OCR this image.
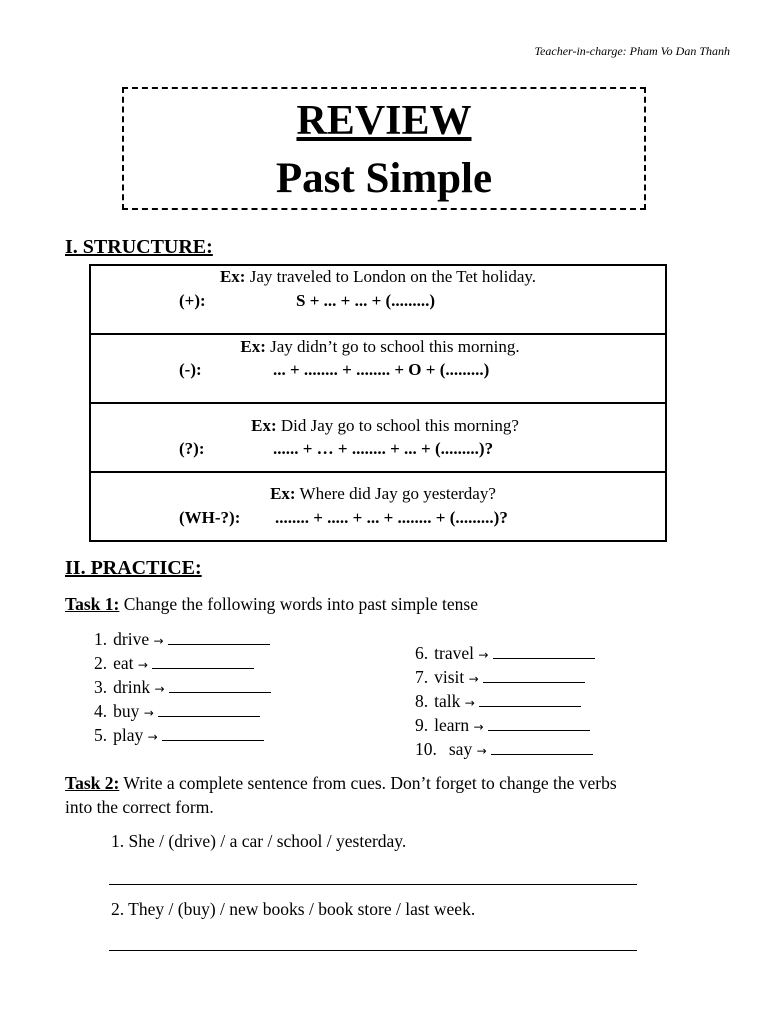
Teacher-in-charge: Pham Vo Dan Thanh
REVIEW
Past Simple
I. STRUCTURE:
Ex: Jay traveled to London on the Tet holiday.
(+):	S + ... + ... + (.........)
Ex: Jay didn’t go to school this morning.
(-):	... + ........ + ........ + O + (.........)
Ex: Did Jay go to school this morning?
(?):	...... + … + ........ + ... + (.........)?
Ex: Where did Jay go yesterday?
(WH-?): ........ + ..... + ... + ........ + (.........)?
II. PRACTICE:
Task 1: Change the following words into past simple tense
1. drive →
2. eat →
3. drink →
4. buy →
5. play →
6. travel →
7. visit →
8. talk →
9. learn →
10. say →
Task 2: Write a complete sentence from cues. Don’t forget to change the verbs
into the correct form.
1. She / (drive) / a car / school / yesterday.
2. They / (buy) / new books / book store / last week.
